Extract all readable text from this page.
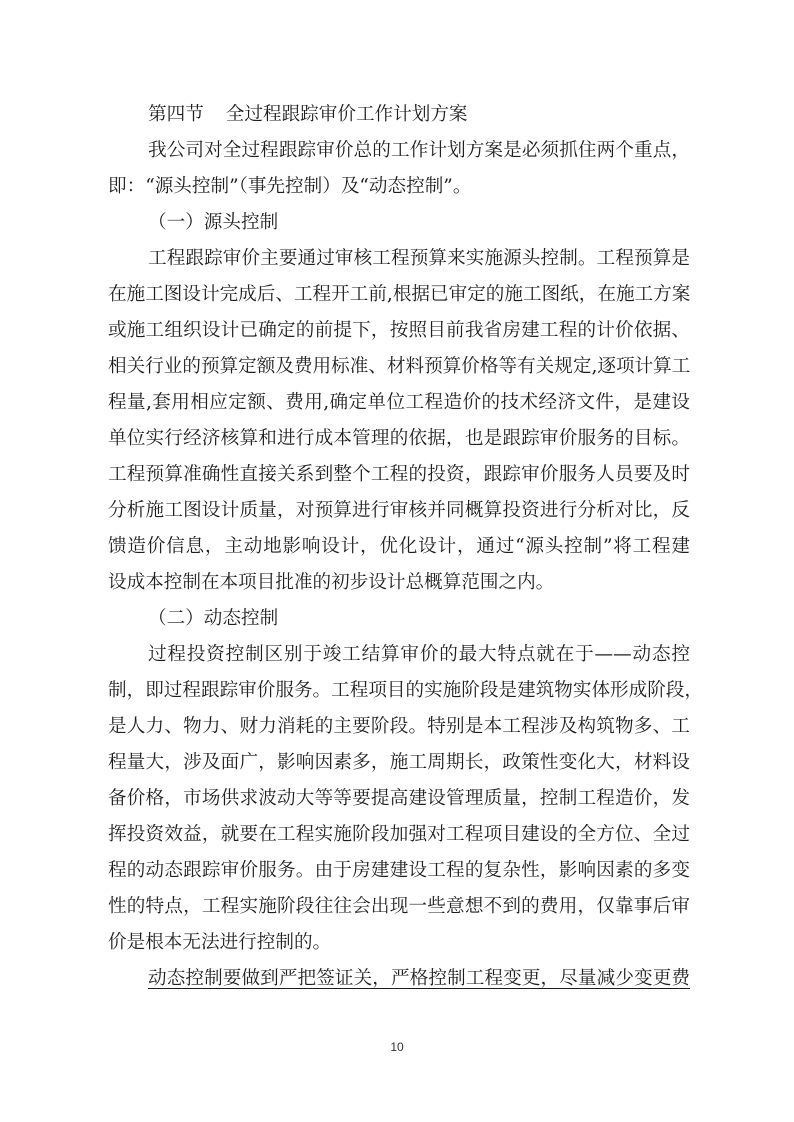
第四节 全过程跟踪审价工作计划方案
我公司对全过程跟踪审价总的工作计划方案是必须抓住两个重点，
即：“源头控制”（事先控制）及“动态控制”。
（一）源头控制
工程跟踪审价主要通过审核工程预算来实施源头控制。工程预算是
在施工图设计完成后、工程开工前,根据已审定的施工图纸，在施工方案
或施工组织设计已确定的前提下，按照目前我省房建工程的计价依据、
相关行业的预算定额及费用标准、材料预算价格等有关规定,逐项计算工
程量,套用相应定额、费用,确定单位工程造价的技术经济文件，是建设
单位实行经济核算和进行成本管理的依据，也是跟踪审价服务的目标。
工程预算准确性直接关系到整个工程的投资，跟踪审价服务人员要及时
分析施工图设计质量，对预算进行审核并同概算投资进行分析对比，反
馈造价信息，主动地影响设计，优化设计，通过“源头控制”将工程建
设成本控制在本项目批准的初步设计总概算范围之内。
（二）动态控制
过程投资控制区别于竣工结算审价的最大特点就在于——动态控
制，即过程跟踪审价服务。工程项目的实施阶段是建筑物实体形成阶段，
是人力、物力、财力消耗的主要阶段。特别是本工程涉及构筑物多、工
程量大，涉及面广，影响因素多，施工周期长，政策性变化大，材料设
备价格，市场供求波动大等等要提高建设管理质量，控制工程造价，发
挥投资效益，就要在工程实施阶段加强对工程项目建设的全方位、全过
程的动态跟踪审价服务。由于房建建设工程的复杂性，影响因素的多变
性的特点，工程实施阶段往往会出现一些意想不到的费用，仅靠事后审
价是根本无法进行控制的。
动态控制要做到严把签证关，严格控制工程变更，尽量减少变更费
10
